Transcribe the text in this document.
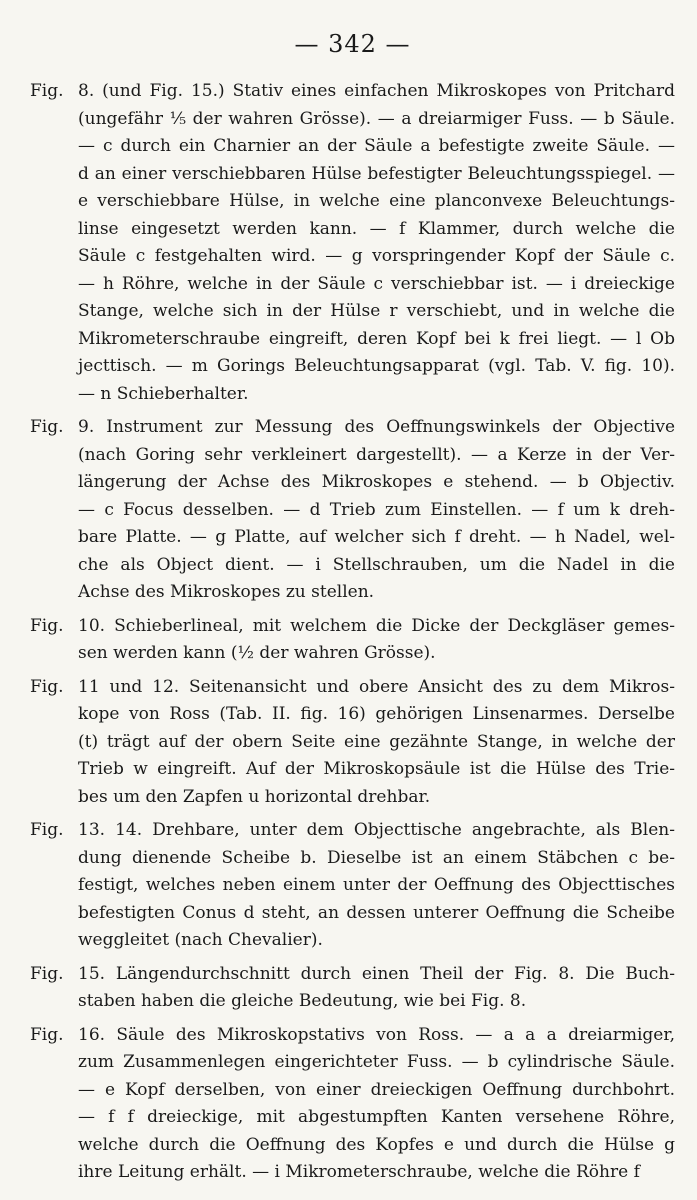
— 342 —
Fig. 8. (und Fig. 15.) Stativ eines einfachen Mikroskopes von Pritchard
(ungefähr ⅕ der wahren Grösse). — a dreiarmiger Fuss. — b Säule.
— c durch ein Charnier an der Säule a befestigte zweite Säule. —
d an einer verschiebbaren Hülse befestigter Beleuchtungsspiegel. —
e verschiebbare Hülse, in welche eine planconvexe Beleuchtungs-
linse eingesetzt werden kann. — f Klammer, durch welche die
Säule c festgehalten wird. — g vorspringender Kopf der Säule c.
— h Röhre, welche in der Säule c verschiebbar ist. — i dreieckige
Stange, welche sich in der Hülse r verschiebt, und in welche die
Mikrometerschraube eingreift, deren Kopf bei k frei liegt. — l Ob
jecttisch. — m Gorings Beleuchtungsapparat (vgl. Tab. V. fig. 10).
— n Schieberhalter.
Fig. 9. Instrument zur Messung des Oeffnungswinkels der Objective
(nach Goring sehr verkleinert dargestellt). — a Kerze in der Ver-
längerung der Achse des Mikroskopes e stehend. — b Objectiv.
— c Focus desselben. — d Trieb zum Einstellen. — f um k dreh-
bare Platte. — g Platte, auf welcher sich f dreht. — h Nadel, wel-
che als Object dient. — i Stellschrauben, um die Nadel in die
Achse des Mikroskopes zu stellen.
Fig. 10. Schieberlineal, mit welchem die Dicke der Deckgläser gemes-
sen werden kann (½ der wahren Grösse).
Fig. 11 und 12. Seitenansicht und obere Ansicht des zu dem Mikros-
kope von Ross (Tab. II. fig. 16) gehörigen Linsenarmes. Derselbe
(t) trägt auf der obern Seite eine gezähnte Stange, in welche der
Trieb w eingreift. Auf der Mikroskopsäule ist die Hülse des Trie-
bes um den Zapfen u horizontal drehbar.
Fig. 13. 14. Drehbare, unter dem Objecttische angebrachte, als Blen-
dung dienende Scheibe b. Dieselbe ist an einem Stäbchen c be-
festigt, welches neben einem unter der Oeffnung des Objecttisches
befestigten Conus d steht, an dessen unterer Oeffnung die Scheibe
weggleitet (nach Chevalier).
Fig. 15. Längendurchschnitt durch einen Theil der Fig. 8. Die Buch-
staben haben die gleiche Bedeutung, wie bei Fig. 8.
Fig. 16. Säule des Mikroskopstativs von Ross. — a a a dreiarmiger,
zum Zusammenlegen eingerichteter Fuss. — b cylindrische Säule.
— e Kopf derselben, von einer dreieckigen Oeffnung durchbohrt.
— f f dreieckige, mit abgestumpften Kanten versehene Röhre,
welche durch die Oeffnung des Kopfes e und durch die Hülse g
ihre Leitung erhält. — i Mikrometerschraube, welche die Röhre f
